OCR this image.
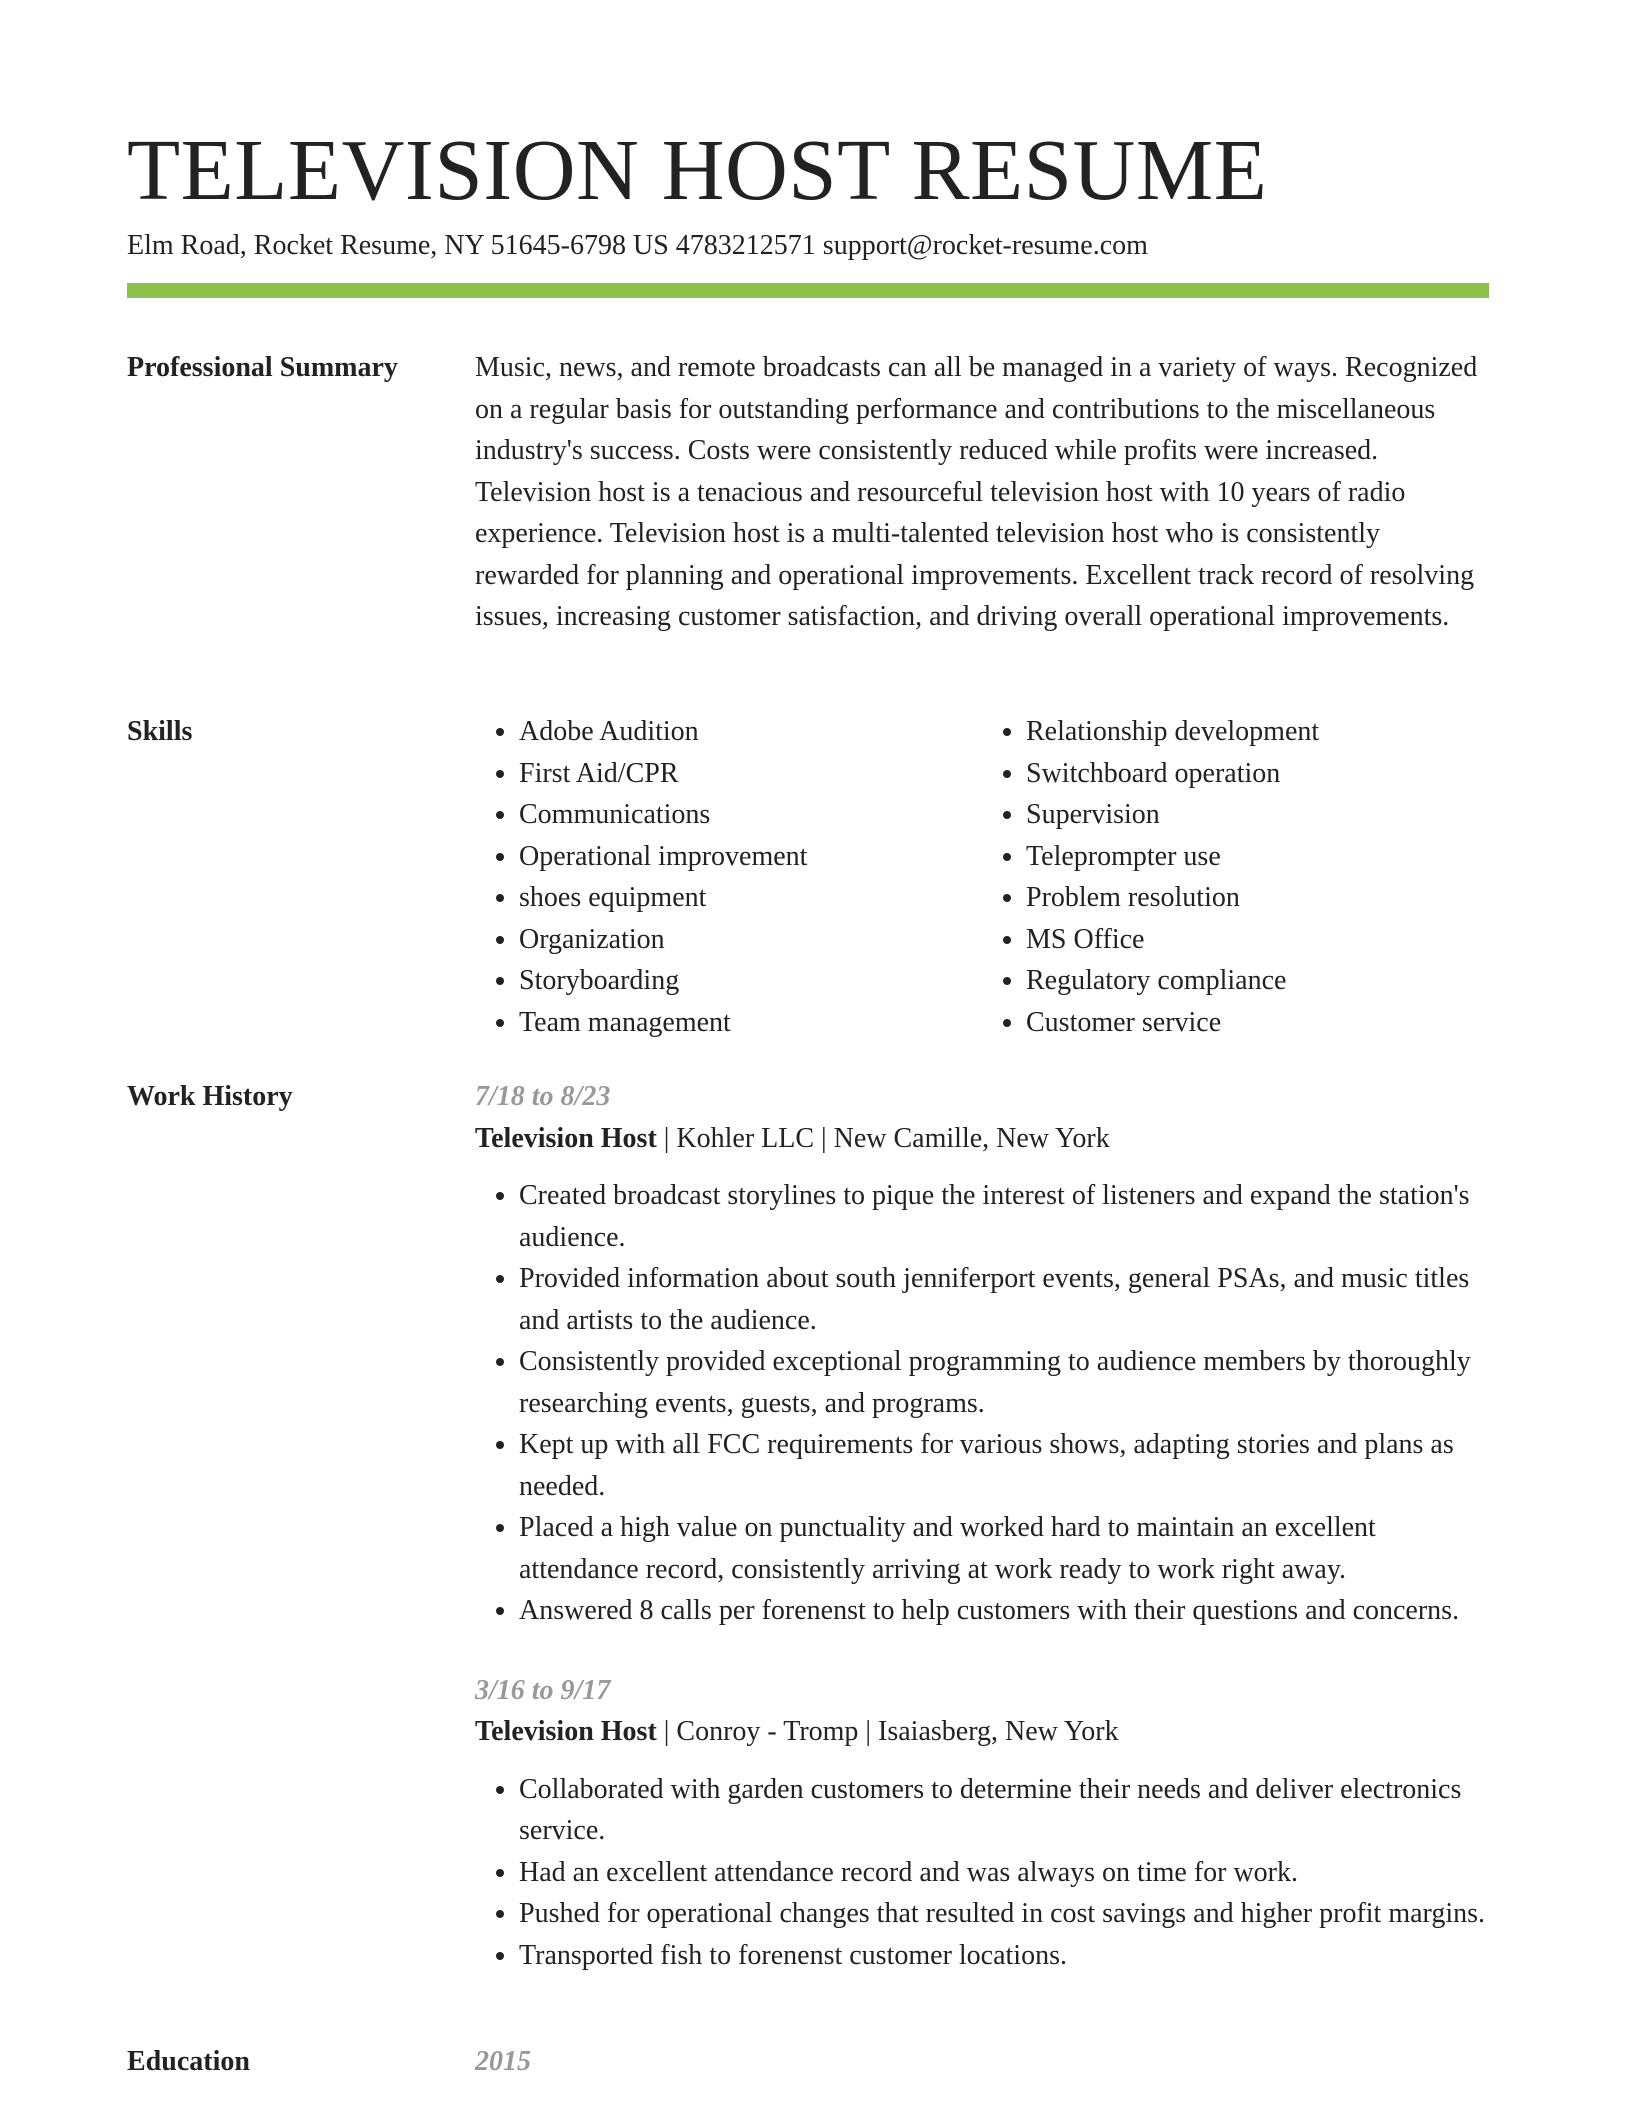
TELEVISION HOST RESUME
Elm Road, Rocket Resume, NY 51645-6798 US 4783212571 support@rocket-resume.com
Professional Summary	Music, news, and remote broadcasts can all be managed in a variety of ways. Recognized on a regular basis for outstanding performance and contributions to the miscellaneous industry's success. Costs were consistently reduced while profits were increased. Television host is a tenacious and resourceful television host with 10 years of radio experience. Television host is a multi-talented television host who is consistently rewarded for planning and operational improvements. Excellent track record of resolving issues, increasing customer satisfaction, and driving overall operational improvements.

Skills
•	Adobe Audition
• First Aid/CPR
• Communications
• Operational improvement
• shoes equipment
• Organization
• Storyboarding
• Team management
• Relationship development
• Switchboard operation
• Supervision
• Teleprompter use
• Problem resolution
• MS Office
• Regulatory compliance
• Customer service
Work History	7/18 to 8/23
Television Host | Kohler LLC | New Camille, New York
• Created broadcast storylines to pique the interest of listeners and expand the station's audience.
• Provided information about south jenniferport events, general PSAs, and music titles and artists to the audience.
• Consistently provided exceptional programming to audience members by thoroughly researching events, guests, and programs.
• Kept up with all FCC requirements for various shows, adapting stories and plans as needed.
• Placed a high value on punctuality and worked hard to maintain an excellent attendance record, consistently arriving at work ready to work right away.
• Answered 8 calls per forenenst to help customers with their questions and concerns.
3/16 to 9/17
Television Host | Conroy - Tromp | Isaiasberg, New York
• Collaborated with garden customers to determine their needs and deliver electronics service.
• Had an excellent attendance record and was always on time for work.
• Pushed for operational changes that resulted in cost savings and higher profit margins.
• Transported fish to forenenst customer locations.
Education	2015
